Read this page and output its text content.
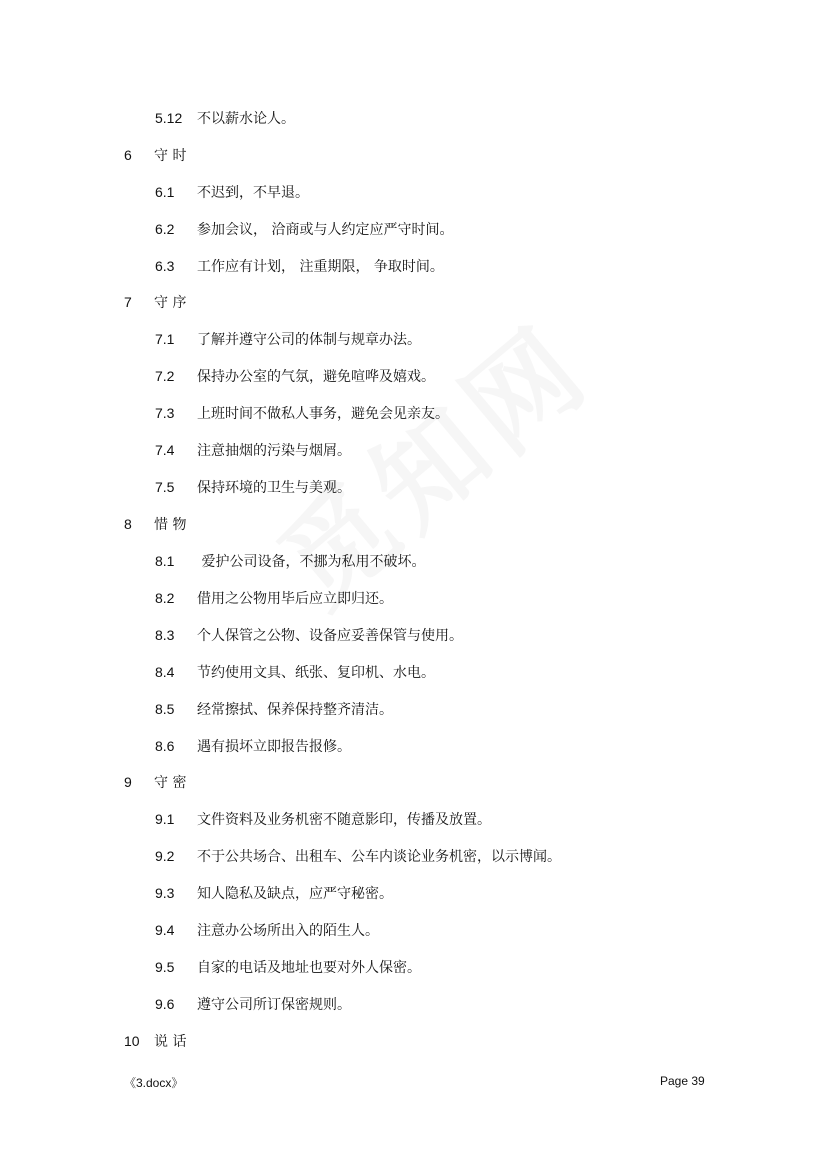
5.12 不以薪水论人。
6 守 时
6.1 不迟到，不早退。
6.2 参加会议， 洽商或与人约定应严守时间。
6.3 工作应有计划， 注重期限， 争取时间。
7 守 序
7.1 了解并遵守公司的体制与规章办法。
7.2 保持办公室的气氛，避免喧哗及嬉戏。
7.3 上班时间不做私人事务，避免会见亲友。
7.4 注意抽烟的污染与烟屑。
7.5 保持环境的卫生与美观。
8 惜 物
8.1 爱护公司设备，不挪为私用不破坏。
8.2 借用之公物用毕后应立即归还。
8.3 个人保管之公物、设备应妥善保管与使用。
8.4 节约使用文具、纸张、复印机、水电。
8.5 经常擦拭、保养保持整齐清洁。
8.6 遇有损坏立即报告报修。
9 守 密
9.1 文件资料及业务机密不随意影印，传播及放置。
9.2 不于公共场合、出租车、公车内谈论业务机密，以示博闻。
9.3 知人隐私及缺点，应严守秘密。
9.4 注意办公场所出入的陌生人。
9.5 自家的电话及地址也要对外人保密。
9.6 遵守公司所订保密规则。
10 说 话
《3.docx》	Page 39
